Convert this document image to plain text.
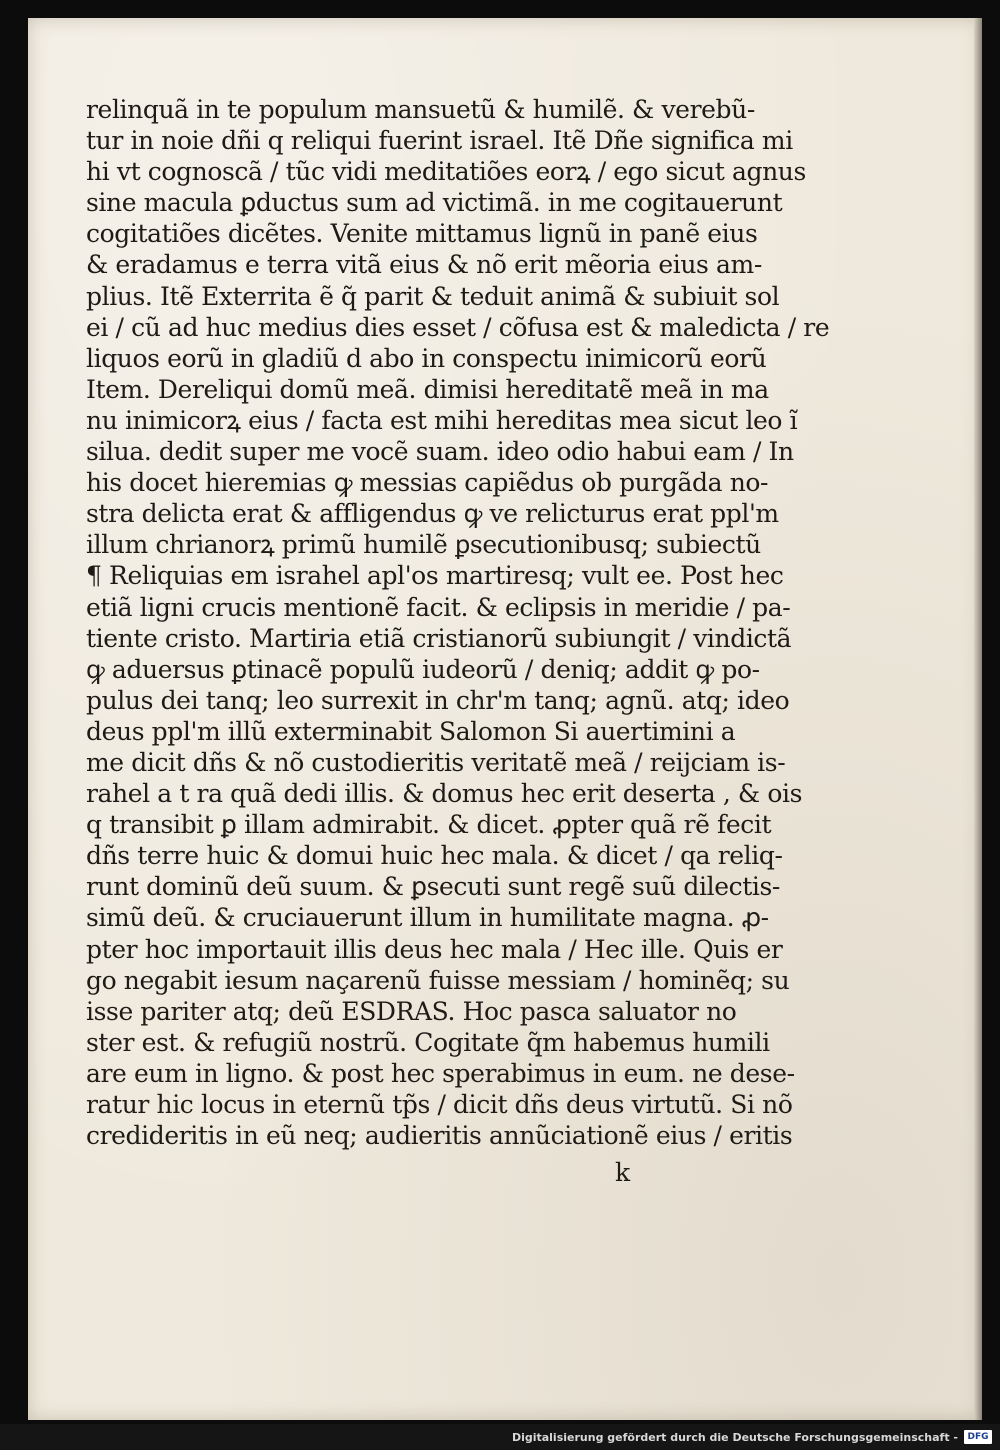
relinquã in te populum mansuetũ & humilẽ. & verebũ-
tur in noie dñi q reliqui fuerint israel. Itẽ Dñe significa mi
hi vt cognoscã / tũc vidi meditatiões eorꝝ / ego sicut agnus
sine macula ꝑductus sum ad victimã. in me cogitauerunt
cogitatiões dicẽtes. Venite mittamus lignũ in panẽ eius
& eradamus e terra vitã eius & nõ erit mẽoria eius am-
plius. Itẽ Exterrita ẽ q̃ parit & teduit animã & subiuit sol
ei / cũ ad huc medius dies esset / cõfusa est & maledicta / re
liquos eorũ in gladiũ d abo in conspectu inimicorũ eorũ
Item. Dereliqui domũ meã. dimisi hereditatẽ meã in ma
nu inimicorꝝ eius / facta est mihi hereditas mea sicut leo ĩ
silua. dedit super me vocẽ suam. ideo odio habui eam / In
his docet hieremias ꝙ messias capiẽdus ob purgãda no-
stra delicta erat & affligendus ꝙ ve relicturus erat ppl'm
illum chrianorꝝ primũ humilẽ ꝑsecutionibusq; subiectũ
¶ Reliquias em israhel apl'os martiresq; vult ee. Post hec
etiã ligni crucis mentionẽ facit. & eclipsis in meridie / pa-
tiente cristo. Martiria etiã cristianorũ subiungit / vindictã
ꝙ aduersus ꝑtinacẽ populũ iudeorũ / deniq; addit ꝙ po-
pulus dei tanq; leo surrexit in chr'm tanq; agnũ. atq; ideo
deus ppl'm illũ exterminabit Salomon Si auertimini a
me dicit dñs & nõ custodieritis veritatẽ meã / reijciam is-
rahel a t ra quã dedi illis. & domus hec erit deserta , & ois
q transibit ꝑ illam admirabit. & dicet. ꝓpter quã rẽ fecit
dñs terre huic & domui huic hec mala. & dicet / qa reliq-
runt dominũ deũ suum. & ꝑsecuti sunt regẽ suũ dilectis-
simũ deũ. & cruciauerunt illum in humilitate magna. ꝓ-
pter hoc importauit illis deus hec mala / Hec ille. Quis er
go negabit iesum naçarenũ fuisse messiam / hominẽq; su
isse pariter atq; deũ ESDRAS. Hoc pasca saluator no
ster est. & refugiũ nostrũ. Cogitate q̃m habemus humili
are eum in ligno. & post hec sperabimus in eum. ne dese-
ratur hic locus in eternũ tp̃s / dicit dñs deus virtutũ. Si nõ
credideritis in eũ neq; audieritis annũciationẽ eius / eritis
k
Digitalisierung gefördert durch die Deutsche Forschungsgemeinschaft -	DFG
